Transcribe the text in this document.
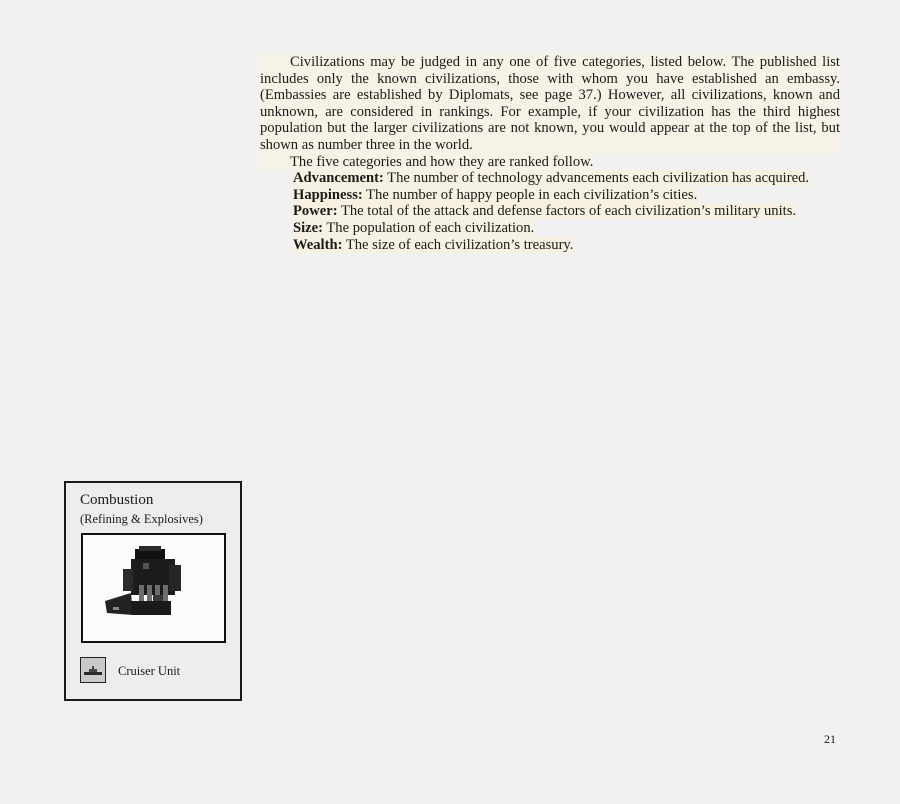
Civilizations may be judged in any one of five categories, listed below. The published list includes only the known civilizations, those with whom you have established an embassy. (Embassies are established by Diplomats, see page 37.) However, all civilizations, known and unknown, are considered in rankings. For example, if your civilization has the third highest population but the larger civilizations are not known, you would appear at the top of the list, but shown as number three in the world.

The five categories and how they are ranked follow.

Advancement: The number of technology advancements each civilization has acquired.

Happiness: The number of happy people in each civilization’s cities.

Power: The total of the attack and defense factors of each civilization’s military units.

Size: The population of each civilization.

Wealth: The size of each civilization’s treasury.

Combustion
(Refining & Explosives)
Cruiser Unit
21
